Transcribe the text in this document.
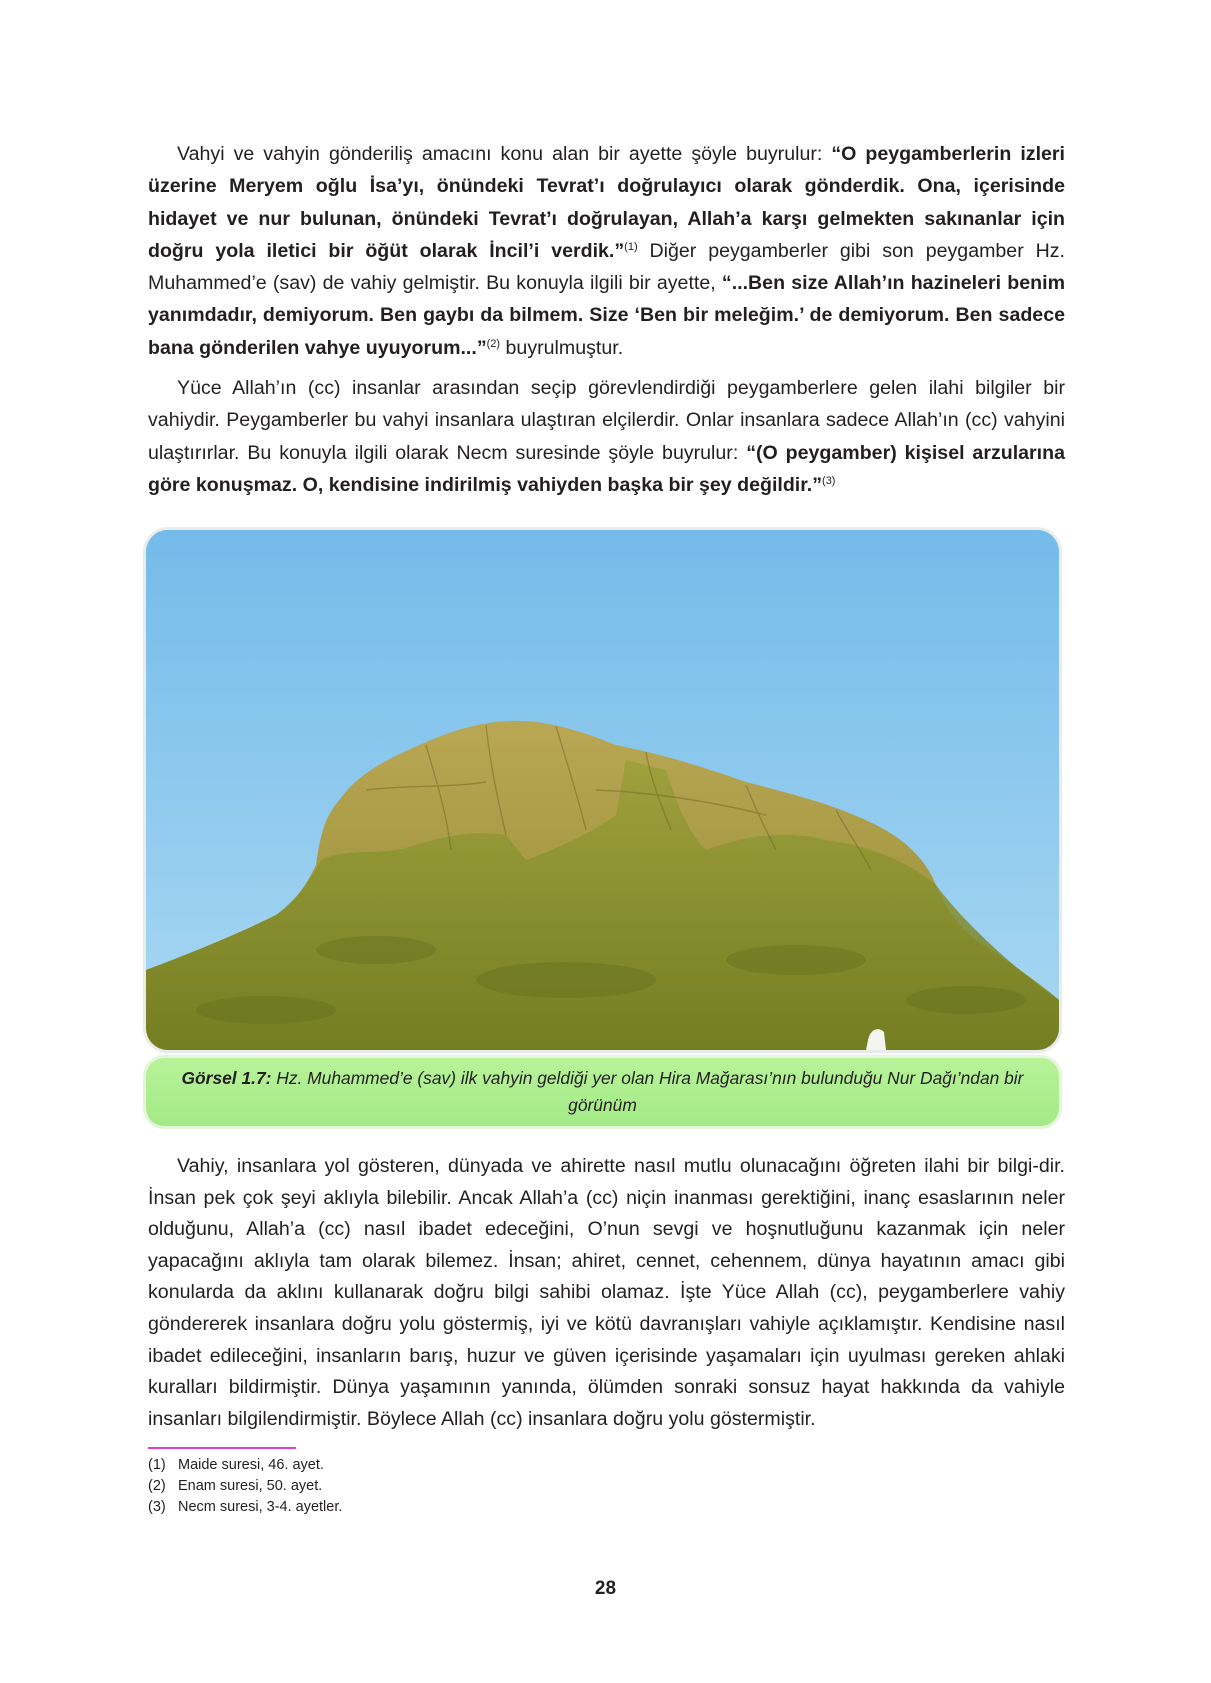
Vahyi ve vahyin gönderiliş amacını konu alan bir ayette şöyle buyrulur: “O peygamberlerin izleri üzerine Meryem oğlu İsa’yı, önündeki Tevrat’ı doğrulayıcı olarak gönderdik. Ona, içerisinde hidayet ve nur bulunan, önündeki Tevrat’ı doğrulayan, Allah’a karşı gelmekten sakınanlar için doğru yola iletici bir öğüt olarak İncil’i verdik.”$^{(1)}$ Diğer peygamberler gibi son peygamber Hz. Muhammed’e (sav) de vahiy gelmiştir. Bu konuyla ilgili bir ayette, “...Ben size Allah’ın hazineleri benim yanımdadır, demiyorum. Ben gaybı da bilmem. Size ‘Ben bir meleğim.’ de demiyorum. Ben sadece bana gönderilen vahye uyuyorum...”$^{(2)}$ buyrulmuştur.

Yüce Allah’ın (cc) insanlar arasından seçip görevlendirdiği peygamberlere gelen ilahi bilgiler bir vahiydir. Peygamberler bu vahyi insanlara ulaştıran elçilerdir. Onlar insanlara sadece Allah’ın (cc) vahyini ulaştırırlar. Bu konuyla ilgili olarak Necm suresinde şöyle buyrulur: “(O peygamber) kişisel arzularına göre konuşmaz. O, kendisine indirilmiş vahiyden başka bir şey değildir.”$^{(3)}$

Görsel 1.7: Hz. Muhammed’e (sav) ilk vahyin geldiği yer olan Hira Mağarası’nın bulunduğu Nur Dağı’ndan bir görünüm

Vahiy, insanlara yol gösteren, dünyada ve ahirette nasıl mutlu olunacağını öğreten ilahi bir bilgi-dir. İnsan pek çok şeyi aklıyla bilebilir. Ancak Allah’a (cc) niçin inanması gerektiğini, inanç esaslarının neler olduğunu, Allah’a (cc) nasıl ibadet edeceğini, O’nun sevgi ve hoşnutluğunu kazanmak için neler yapacağını aklıyla tam olarak bilemez. İnsan; ahiret, cennet, cehennem, dünya hayatının amacı gibi konularda da aklını kullanarak doğru bilgi sahibi olamaz. İşte Yüce Allah (cc), peygamberlere vahiy göndererek insanlara doğru yolu göstermiş, iyi ve kötü davranışları vahiyle açıklamıştır. Kendisine nasıl ibadet edileceğini, insanların barış, huzur ve güven içerisinde yaşamaları için uyulması gereken ahlaki kuralları bildirmiştir. Dünya yaşamının yanında, ölümden sonraki sonsuz hayat hakkında da vahiyle insanları bilgilendirmiştir. Böylece Allah (cc) insanlara doğru yolu göstermiştir.

(1) Maide suresi, 46. ayet.
(2) Enam suresi, 50. ayet.
(3) Necm suresi, 3-4. ayetler.
28
